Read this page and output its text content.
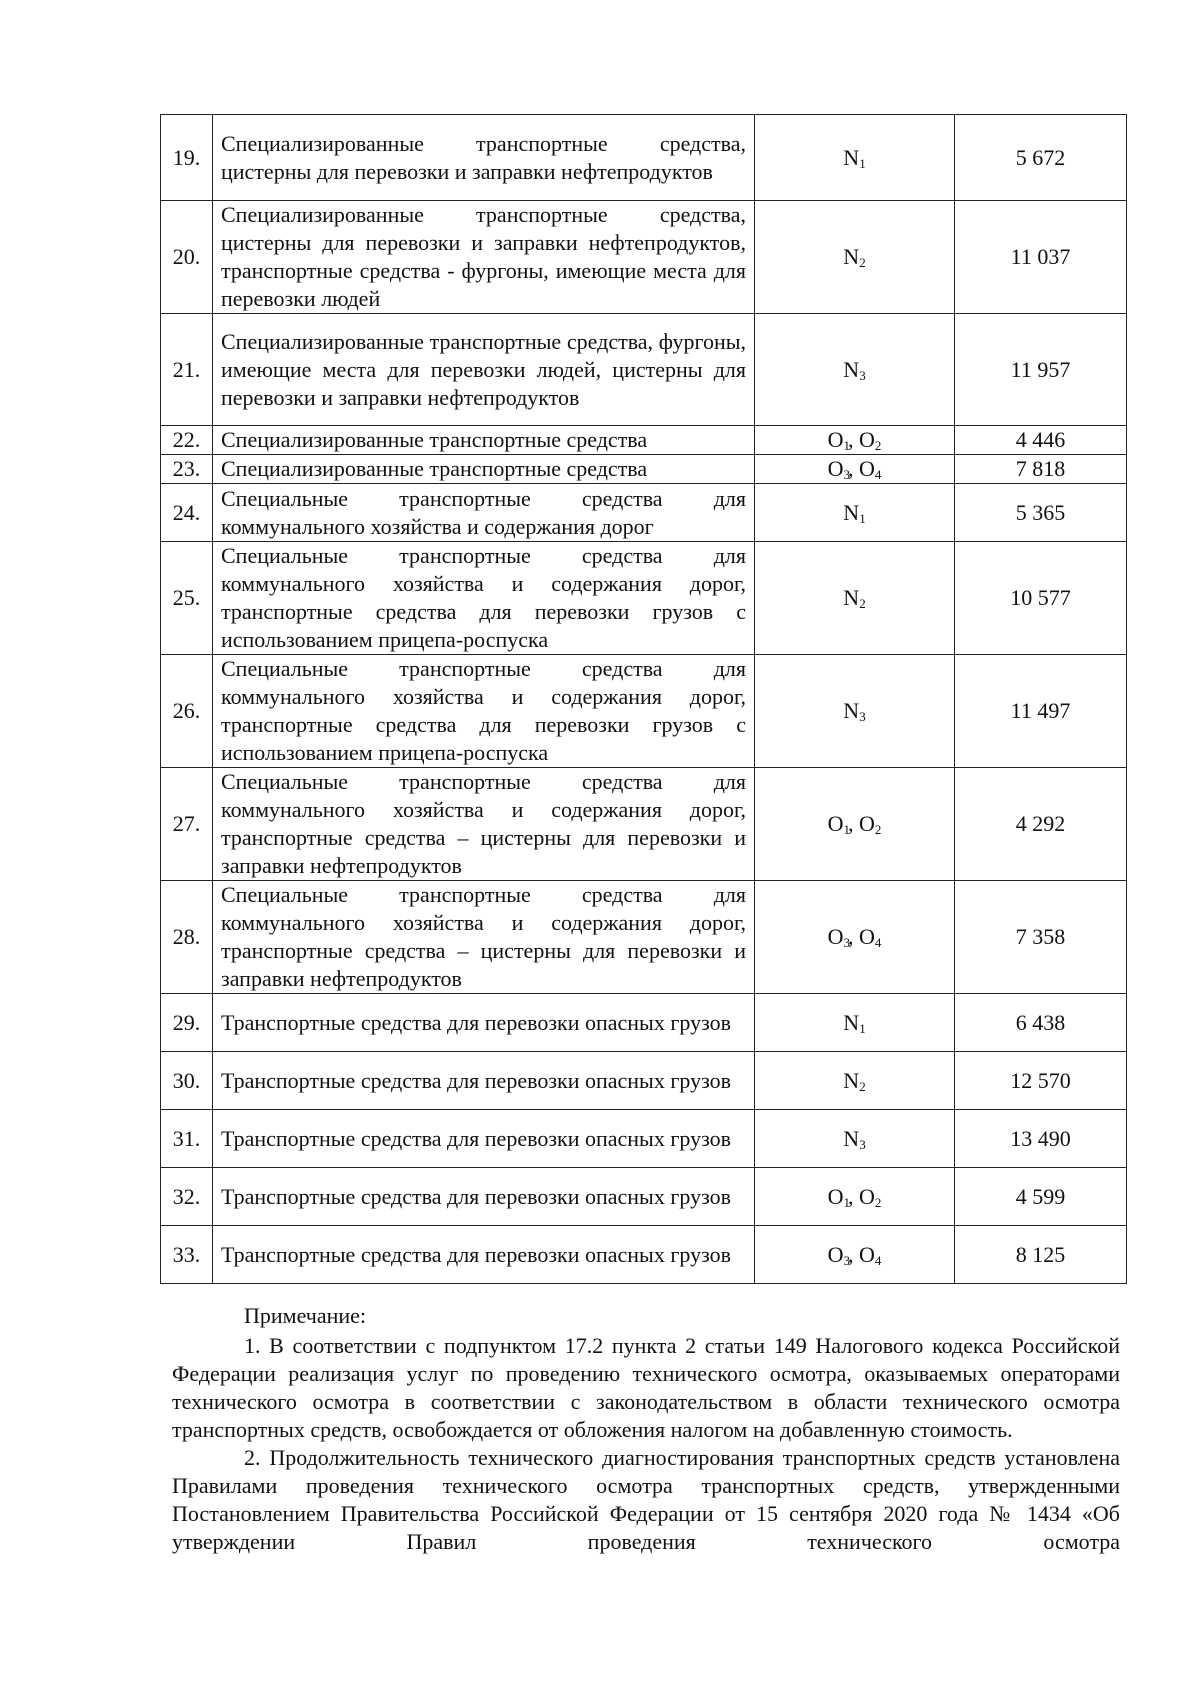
19.	Специализированные транспортные средства, цистерны для перевозки и заправки нефтепродуктов	$N_1$	5 672
20.	Специализированные транспортные средства, цистерны для перевозки и заправки нефтепродуктов, транспортные средства - фургоны, имеющие места для перевозки людей	$N_2$	11 037
21.	Специализированные транспортные средства, фургоны, имеющие места для перевозки людей, цистерны для перевозки и заправки нефтепродуктов	$N_3$	11 957
22.	Специализированные транспортные средства	$O_1$, $O_2$	4 446
23.	Специализированные транспортные средства	$O_3$, $O_4$	7 818
24.	Специальные транспортные средства для коммунального хозяйства и содержания дорог	$N_1$	5 365
25.	Специальные транспортные средства для коммунального хозяйства и содержания дорог, транспортные средства для перевозки грузов с использованием прицепа-роспуска	$N_2$	10 577
26.	Специальные транспортные средства для коммунального хозяйства и содержания дорог, транспортные средства для перевозки грузов с использованием прицепа-роспуска	$N_3$	11 497
27.	Специальные транспортные средства для коммунального хозяйства и содержания дорог, транспортные средства – цистерны для перевозки и заправки нефтепродуктов	$O_1$, $O_2$	4 292
28.	Специальные транспортные средства для коммунального хозяйства и содержания дорог, транспортные средства – цистерны для перевозки и заправки нефтепродуктов	$O_3$, $O_4$	7 358
29.	Транспортные средства для перевозки опасных грузов	$N_1$	6 438
30.	Транспортные средства для перевозки опасных грузов	$N_2$	12 570
31.	Транспортные средства для перевозки опасных грузов	$N_3$	13 490
32.	Транспортные средства для перевозки опасных грузов	$O_1$, $O_2$	4 599
33.	Транспортные средства для перевозки опасных грузов	$O_3$, $O_4$	8 125

Примечание:

1. В соответствии с подпунктом 17.2 пункта 2 статьи 149 Налогового кодекса Российской Федерации реализация услуг по проведению технического осмотра, оказываемых операторами технического осмотра в соответствии с законодательством в области технического осмотра транспортных средств, освобождается от обложения налогом на добавленную стоимость.

2. Продолжительность технического диагностирования транспортных средств установлена Правилами проведения технического осмотра транспортных средств, утвержденными Постановлением Правительства Российской Федерации от 15 сентября 2020 года № 1434 «Об утверждении Правил проведения технического осмотра
